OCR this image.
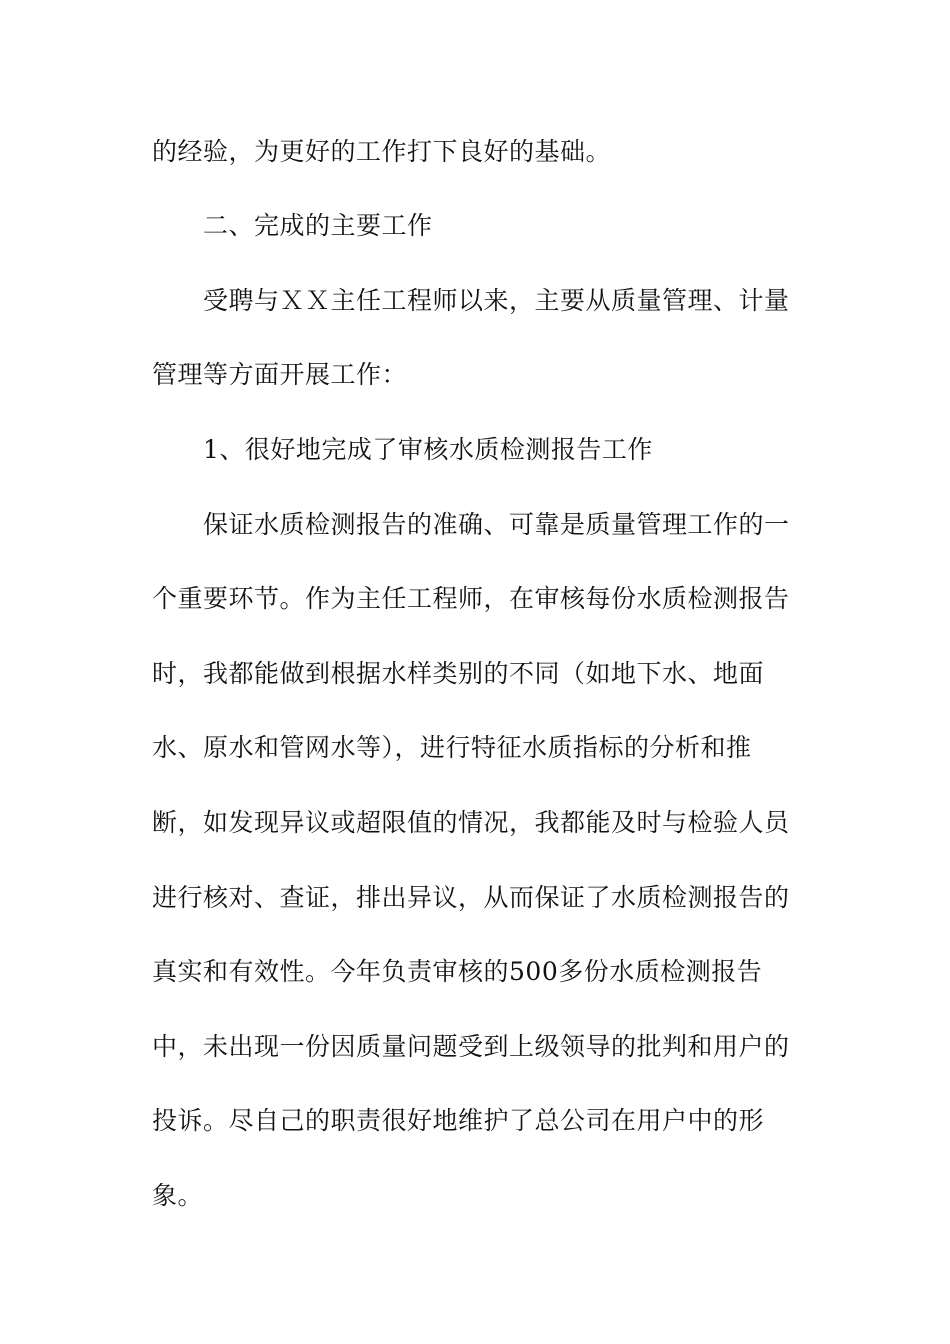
的经验，为更好的工作打下良好的基础。
二、完成的主要工作
受聘与ＸＸ主任工程师以来，主要从质量管理、计量
管理等方面开展工作：
1、很好地完成了审核水质检测报告工作
保证水质检测报告的准确、可靠是质量管理工作的一
个重要环节。作为主任工程师，在审核每份水质检测报告
时，我都能做到根据水样类别的不同（如地下水、地面
水、原水和管网水等），进行特征水质指标的分析和推
断，如发现异议或超限值的情况，我都能及时与检验人员
进行核对、查证，排出异议，从而保证了水质检测报告的
真实和有效性。今年负责审核的500多份水质检测报告
中，未出现一份因质量问题受到上级领导的批判和用户的
投诉。尽自己的职责很好地维护了总公司在用户中的形
象。
